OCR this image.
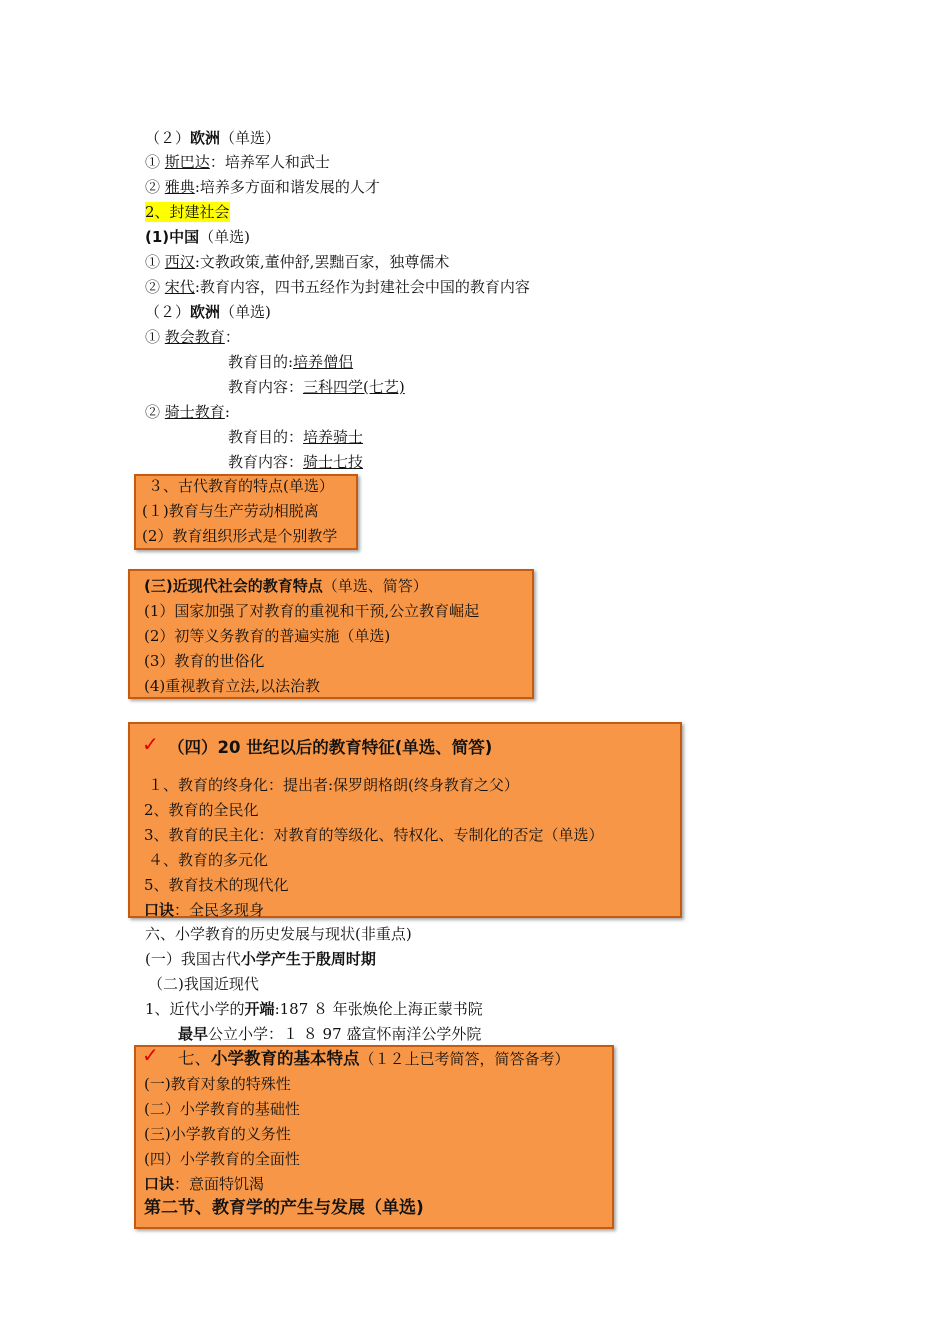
（２）欧洲（单选）
① 斯巴达：培养军人和武士
② 雅典:培养多方面和谐发展的人才
2、封建社会
(1)中国（单选)
① 西汉:文教政策,董仲舒,罢黜百家，独尊儒术
② 宋代:教育内容，四书五经作为封建社会中国的教育内容
（２）欧洲（单选)
① 教会教育：
教育目的:培养僧侣
教育内容：三科四学(七艺)
② 骑士教育:
教育目的：培养骑士
教育内容：骑士七技
３、古代教育的特点(单选）
(１)教育与生产劳动相脱离
(2）教育组织形式是个别教学
(三)近现代社会的教育特点（单选、简答）
(1）国家加强了对教育的重视和干预,公立教育崛起
(2）初等义务教育的普遍实施（单选)
(3）教育的世俗化
(4)重视教育立法,以法治教
✓ （四）20 世纪以后的教育特征(单选、简答)
１、教育的终身化：提出者:保罗朗格朗(终身教育之父）
2、教育的全民化
3、教育的民主化：对教育的等级化、特权化、专制化的否定（单选）
４、教育的多元化
5、教育技术的现代化
口诀：全民多现身
六、小学教育的历史发展与现状(非重点)
(一）我国古代小学产生于殷周时期
（二)我国近现代
1、近代小学的开端:187 ８ 年张焕伦上海正蒙书院
最早公立小学：１ ８ 97 盛宣怀南洋公学外院
✓ 七、小学教育的基本特点（１２上已考简答，简答备考）
(一)教育对象的特殊性
(二）小学教育的基础性
(三)小学教育的义务性
(四）小学教育的全面性
口诀：意面特饥渴
第二节、教育学的产生与发展（单选)
